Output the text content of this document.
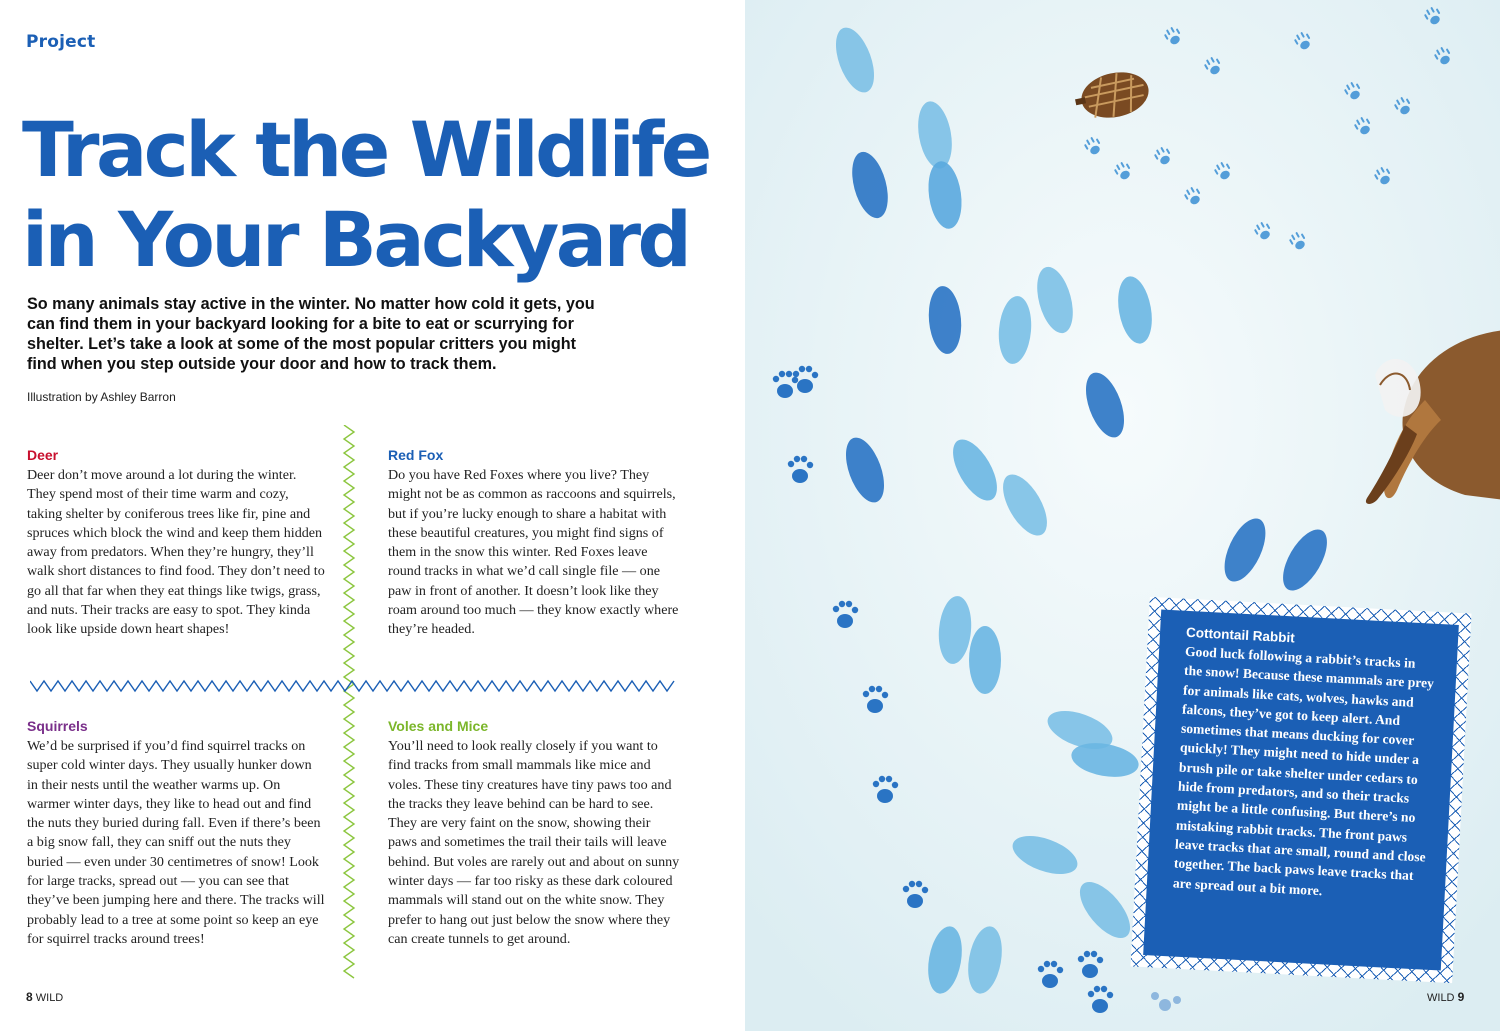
Project
Track the Wildlife
in Your Backyard

So many animals stay active in the winter. No matter how cold it gets, you can find them in your backyard looking for a bite to eat or scurrying for shelter. Let’s take a look at some of the most popular critters you might find when you step outside your door and how to track them.

Illustration by Ashley Barron
Deer

Deer don’t move around a lot during the winter. They spend most of their time warm and cozy, taking shelter by coniferous trees like fir, pine and spruces which block the wind and keep them hidden away from predators. When they’re hungry, they’ll walk short distances to find food. They don’t need to go all that far when they eat things like twigs, grass, and nuts. Their tracks are easy to spot. They kinda look like upside down heart shapes!

Red Fox

Do you have Red Foxes where you live? They might not be as common as raccoons and squirrels, but if you’re lucky enough to share a habitat with these beautiful creatures, you might find signs of them in the snow this winter. Red Foxes leave round tracks in what we’d call single file — one paw in front of another. It doesn’t look like they roam around too much — they know exactly where they’re headed.

Squirrels

We’d be surprised if you’d find squirrel tracks on super cold winter days. They usually hunker down in their nests until the weather warms up. On warmer winter days, they like to head out and find the nuts they buried during fall. Even if there’s been a big snow fall, they can sniff out the nuts they buried — even under 30 centimetres of snow! Look for large tracks, spread out — you can see that they’ve been jumping here and there. The tracks will probably lead to a tree at some point so keep an eye for squirrel tracks around trees!

Voles and Mice

You’ll need to look really closely if you want to find tracks from small mammals like mice and voles. These tiny creatures have tiny paws too and the tracks they leave behind can be hard to see. They are very faint on the snow, showing their paws and sometimes the trail their tails will leave behind. But voles are rarely out and about on sunny winter days — far too risky as these dark coloured mammals will stand out on the white snow. They prefer to hang out just below the snow where they can create tunnels to get around.

8 WILD	WILD 9
Cottontail Rabbit

Good luck following a rabbit’s tracks in the snow! Because these mammals are prey for animals like cats, wolves, hawks and falcons, they’ve got to keep alert. And sometimes that means ducking for cover quickly! They might need to hide under a brush pile or take shelter under cedars to hide from predators, and so their tracks might be a little confusing. But there’s no mistaking rabbit tracks. The front paws leave tracks that are small, round and close together. The back paws leave tracks that are spread out a bit more.
